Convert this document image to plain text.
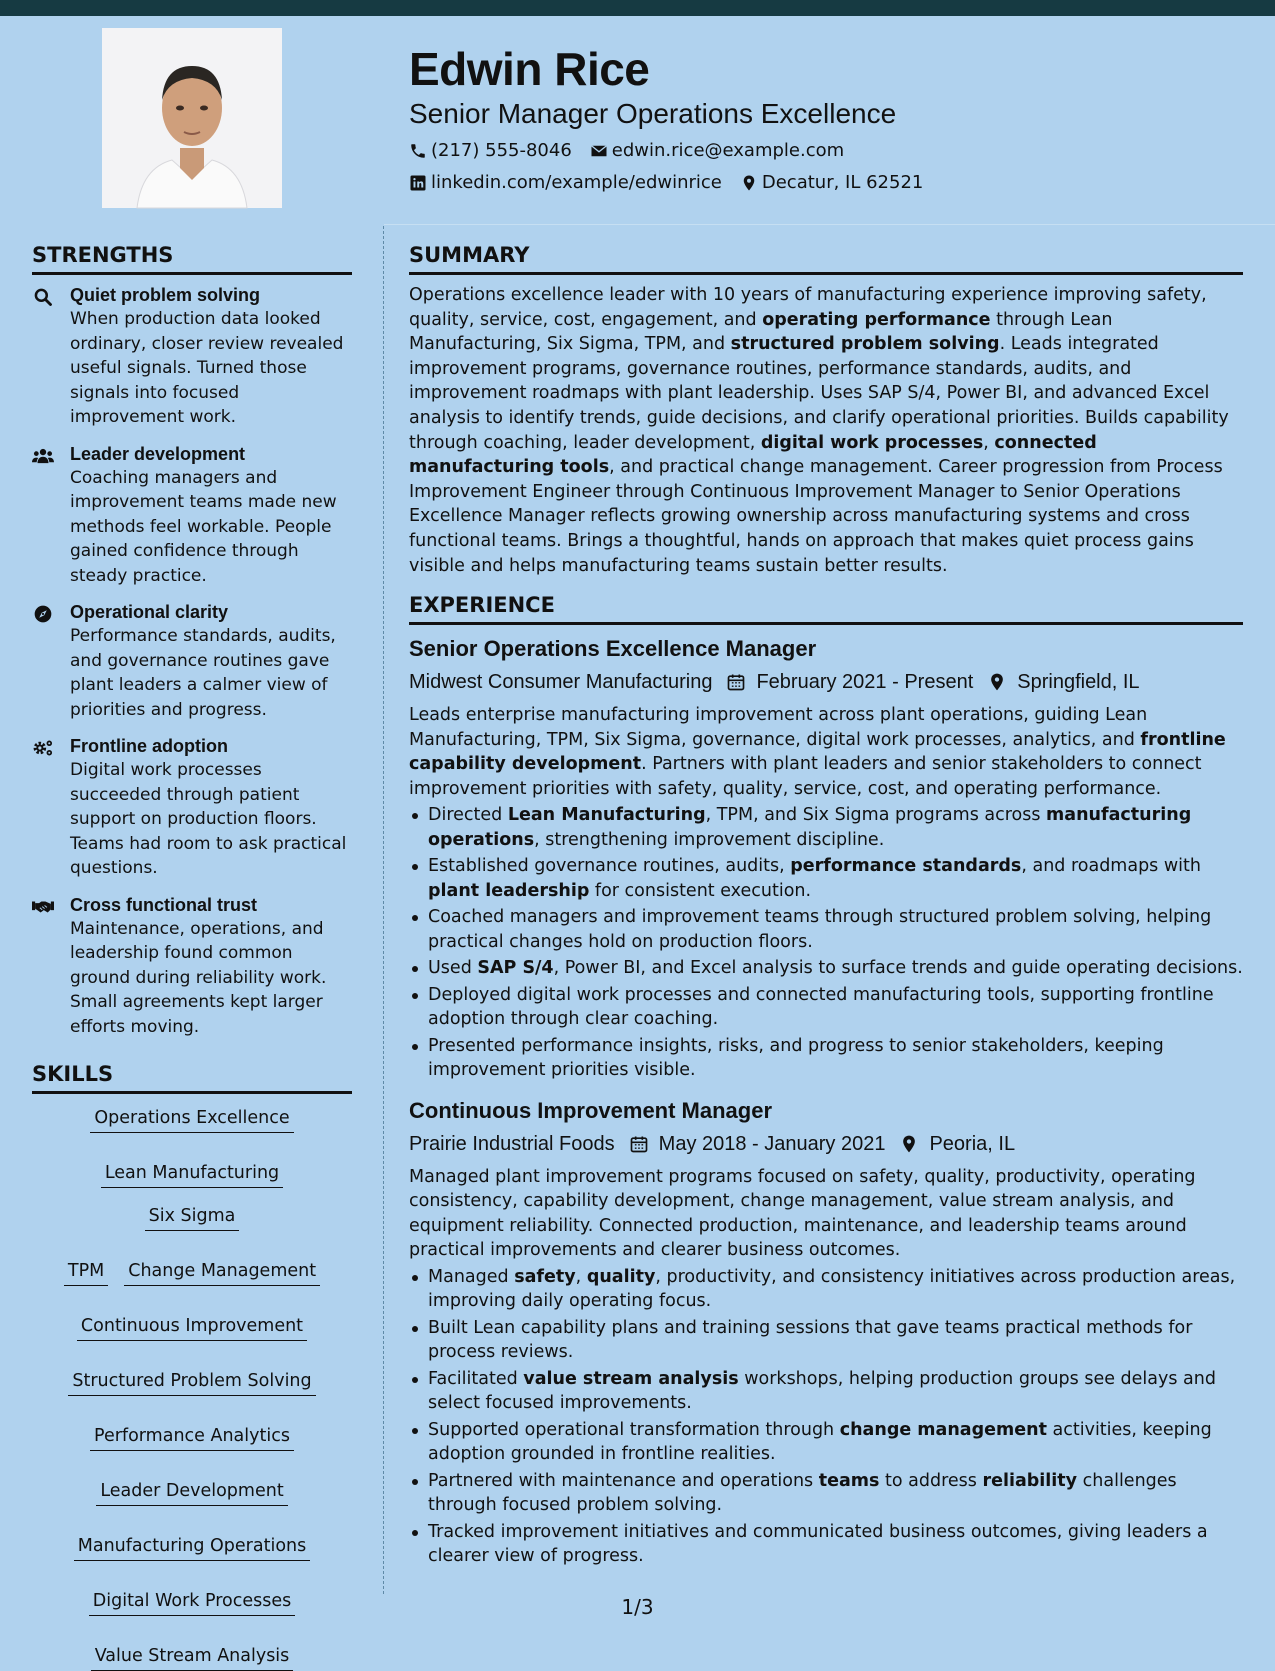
Edwin Rice
Senior Manager Operations Excellence
(217) 555-8046 edwin.rice@example.com
linkedin.com/example/edwinrice Decatur, IL 62521
STRENGTHS
Quiet problem solving
When production data looked ordinary, closer review revealed useful signals. Turned those signals into focused improvement work.
Leader development
Coaching managers and improvement teams made new methods feel workable. People gained confidence through steady practice.
Operational clarity
Performance standards, audits, and governance routines gave plant leaders a calmer view of priorities and progress.
Frontline adoption
Digital work processes succeeded through patient support on production floors. Teams had room to ask practical questions.
Cross functional trust
Maintenance, operations, and leadership found common ground during reliability work. Small agreements kept larger efforts moving.
SKILLS
Operations Excellence
Lean Manufacturing
Six Sigma
TPM Change Management
Continuous Improvement
Structured Problem Solving
Performance Analytics
Leader Development
Manufacturing Operations
Digital Work Processes
Value Stream Analysis
SUMMARY

Operations excellence leader with 10 years of manufacturing experience improving safety, quality, service, cost, engagement, and operating performance through Lean Manufacturing, Six Sigma, TPM, and structured problem solving. Leads integrated improvement programs, governance routines, performance standards, audits, and improvement roadmaps with plant leadership. Uses SAP S/4, Power BI, and advanced Excel analysis to identify trends, guide decisions, and clarify operational priorities. Builds capability through coaching, leader development, digital work processes, connected manufacturing tools, and practical change management. Career progression from Process Improvement Engineer through Continuous Improvement Manager to Senior Operations Excellence Manager reflects growing ownership across manufacturing systems and cross functional teams. Brings a thoughtful, hands on approach that makes quiet process gains visible and helps manufacturing teams sustain better results.

EXPERIENCE
Senior Operations Excellence Manager
Midwest Consumer Manufacturing February 2021 - Present Springfield, IL

Leads enterprise manufacturing improvement across plant operations, guiding Lean Manufacturing, TPM, Six Sigma, governance, digital work processes, analytics, and frontline capability development. Partners with plant leaders and senior stakeholders to connect improvement priorities with safety, quality, service, cost, and operating performance.

Directed Lean Manufacturing, TPM, and Six Sigma programs across manufacturing operations, strengthening improvement discipline.
Established governance routines, audits, performance standards, and roadmaps with plant leadership for consistent execution.
Coached managers and improvement teams through structured problem solving, helping practical changes hold on production floors.
Used SAP S/4, Power BI, and Excel analysis to surface trends and guide operating decisions.
Deployed digital work processes and connected manufacturing tools, supporting frontline adoption through clear coaching.
Presented performance insights, risks, and progress to senior stakeholders, keeping improvement priorities visible.
Continuous Improvement Manager
Prairie Industrial Foods May 2018 - January 2021 Peoria, IL

Managed plant improvement programs focused on safety, quality, productivity, operating consistency, capability development, change management, value stream analysis, and equipment reliability. Connected production, maintenance, and leadership teams around practical improvements and clearer business outcomes.

Managed safety, quality, productivity, and consistency initiatives across production areas, improving daily operating focus.
Built Lean capability plans and training sessions that gave teams practical methods for process reviews.
Facilitated value stream analysis workshops, helping production groups see delays and select focused improvements.
Supported operational transformation through change management activities, keeping adoption grounded in frontline realities.
Partnered with maintenance and operations teams to address reliability challenges through focused problem solving.
Tracked improvement initiatives and communicated business outcomes, giving leaders a clearer view of progress.
1/3
